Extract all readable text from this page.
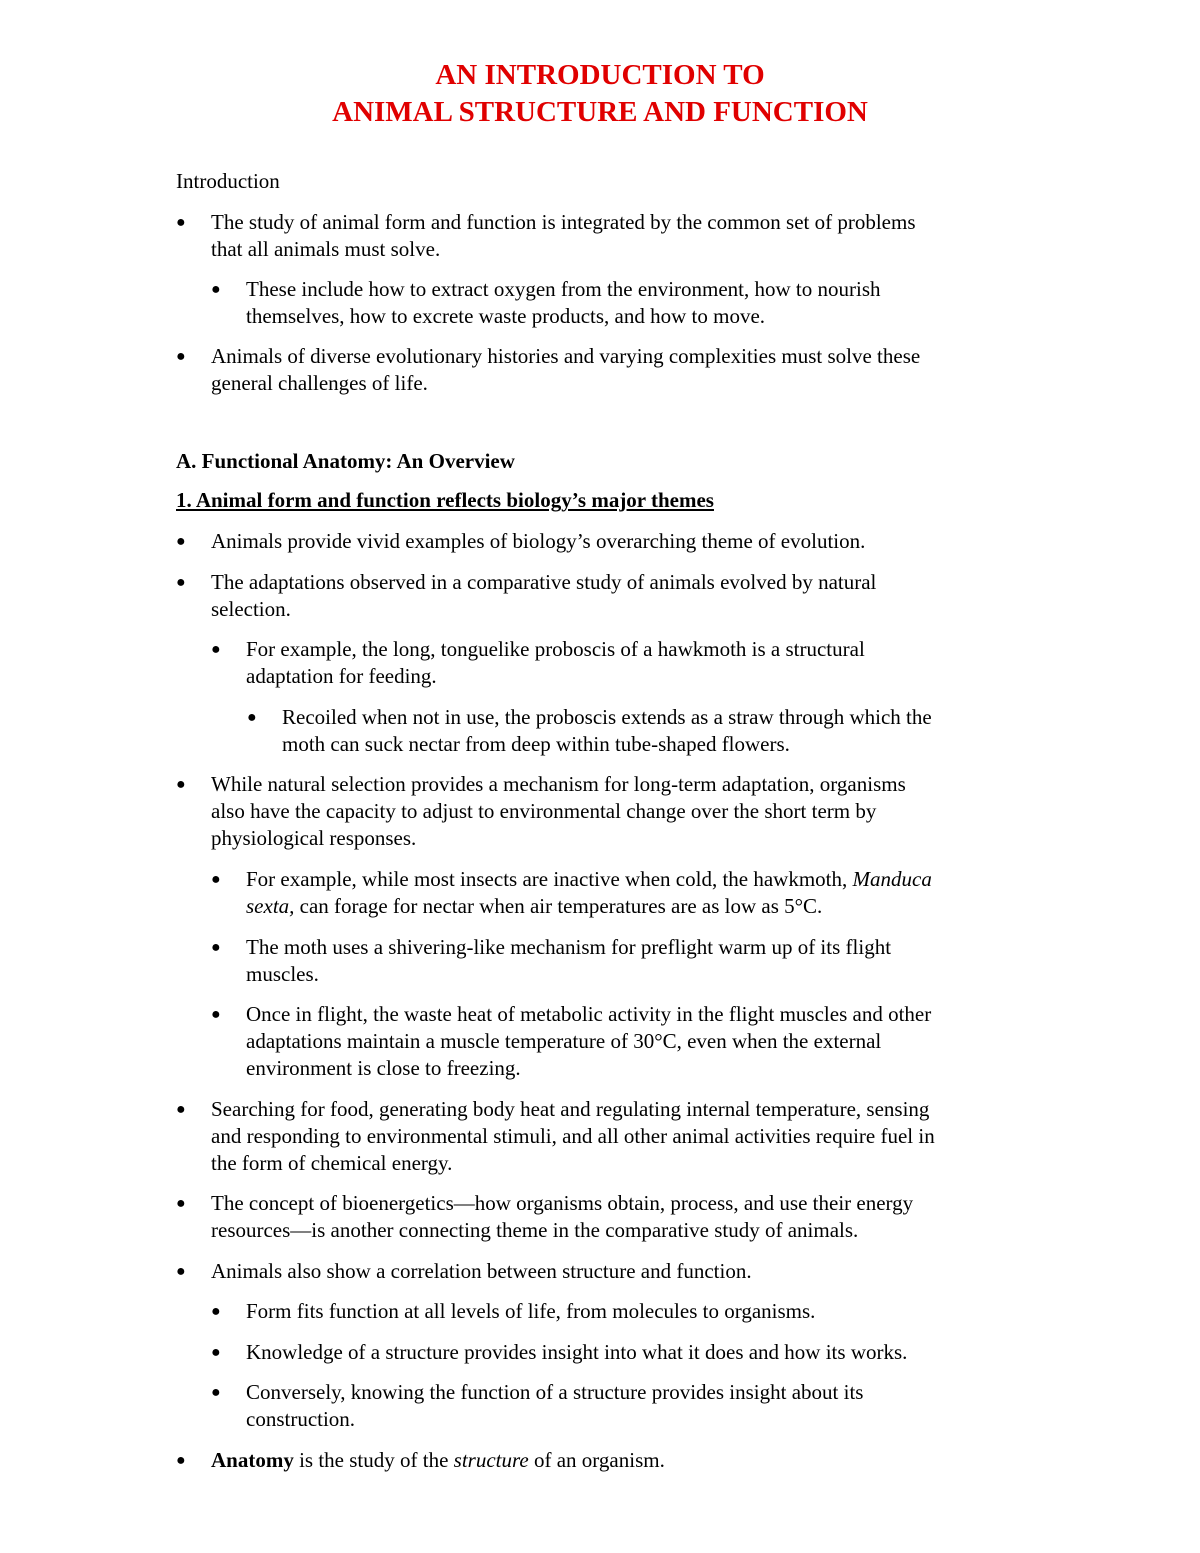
AN INTRODUCTION TO
ANIMAL STRUCTURE AND FUNCTION

Introduction

● The study of animal form and function is integrated by the common set of problems

that all animals must solve.

● These include how to extract oxygen from the environment, how to nourish

themselves, how to excrete waste products, and how to move.

● Animals of diverse evolutionary histories and varying complexities must solve these

general challenges of life.

A. Functional Anatomy: An Overview

1. Animal form and function reflects biology’s major themes

● Animals provide vivid examples of biology’s overarching theme of evolution.

● The adaptations observed in a comparative study of animals evolved by natural

selection.

● For example, the long, tonguelike proboscis of a hawkmoth is a structural

adaptation for feeding.

● Recoiled when not in use, the proboscis extends as a straw through which the

moth can suck nectar from deep within tube-shaped flowers.

● While natural selection provides a mechanism for long-term adaptation, organisms

also have the capacity to adjust to environmental change over the short term by

physiological responses.

● For example, while most insects are inactive when cold, the hawkmoth, Manduca

sexta, can forage for nectar when air temperatures are as low as 5°C.

● The moth uses a shivering-like mechanism for preflight warm up of its flight

muscles.

● Once in flight, the waste heat of metabolic activity in the flight muscles and other

adaptations maintain a muscle temperature of 30°C, even when the external

environment is close to freezing.

● Searching for food, generating body heat and regulating internal temperature, sensing

and responding to environmental stimuli, and all other animal activities require fuel in

the form of chemical energy.

● The concept of bioenergetics—how organisms obtain, process, and use their energy

resources—is another connecting theme in the comparative study of animals.

● Animals also show a correlation between structure and function.

● Form fits function at all levels of life, from molecules to organisms.

● Knowledge of a structure provides insight into what it does and how its works.

● Conversely, knowing the function of a structure provides insight about its

construction.

● Anatomy is the study of the structure of an organism.
